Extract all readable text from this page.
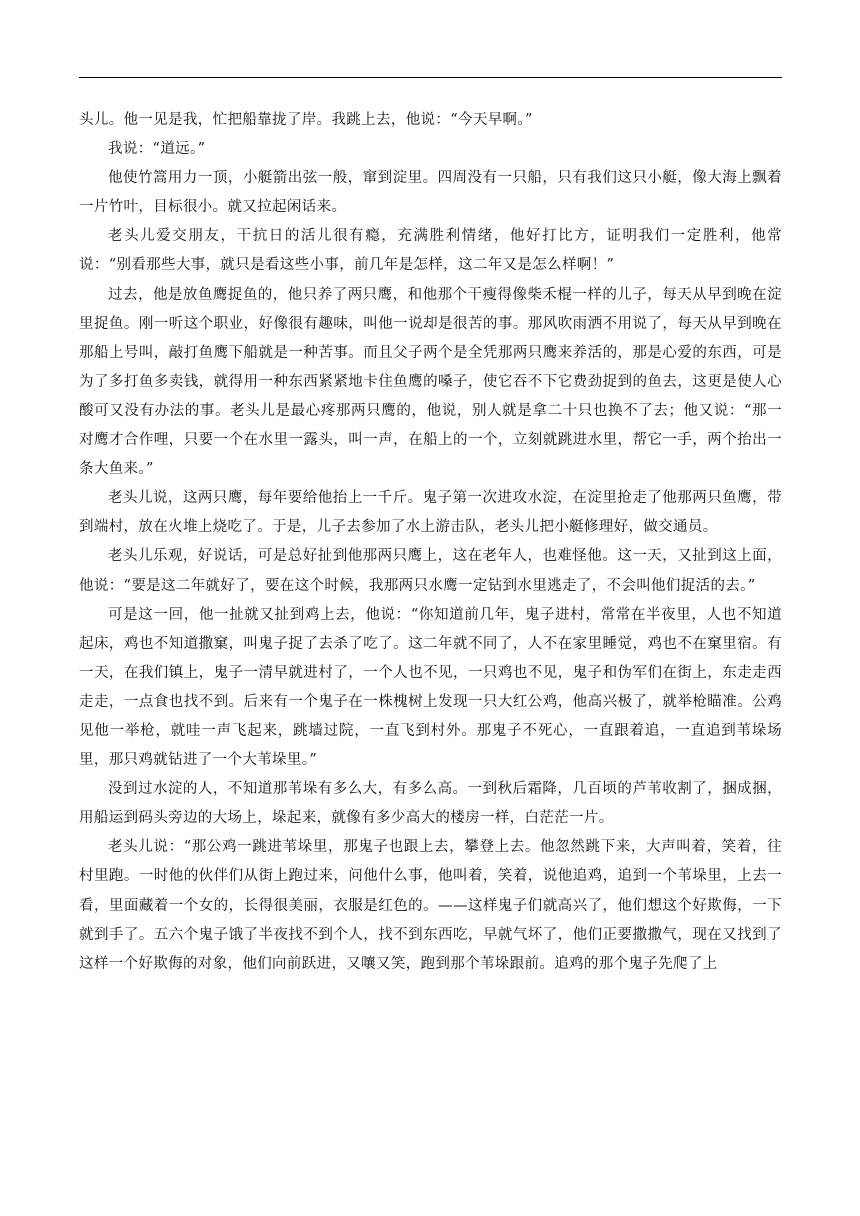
头儿。他一见是我，忙把船靠拢了岸。我跳上去，他说：“今天早啊。”

我说：“道远。”

他使竹篙用力一顶，小艇箭出弦一般，窜到淀里。四周没有一只船，只有我们这只小艇，像大海上飘着一片竹叶，目标很小。就又拉起闲话来。

老头儿爱交朋友，干抗日的活儿很有瘾，充满胜利情绪，他好打比方，证明我们一定胜利，他常说：“别看那些大事，就只是看这些小事，前几年是怎样，这二年又是怎么样啊！”

过去，他是放鱼鹰捉鱼的，他只养了两只鹰，和他那个干瘦得像柴禾棍一样的儿子，每天从早到晚在淀里捉鱼。刚一听这个职业，好像很有趣味，叫他一说却是很苦的事。那风吹雨洒不用说了，每天从早到晚在那船上号叫，敲打鱼鹰下船就是一种苦事。而且父子两个是全凭那两只鹰来养活的，那是心爱的东西，可是为了多打鱼多卖钱，就得用一种东西紧紧地卡住鱼鹰的嗓子，使它吞不下它费劲捉到的鱼去，这更是使人心酸可又没有办法的事。老头儿是最心疼那两只鹰的，他说，别人就是拿二十只也换不了去；他又说：“那一对鹰才合作哩，只要一个在水里一露头，叫一声，在船上的一个，立刻就跳进水里，帮它一手，两个抬出一条大鱼来。”

老头儿说，这两只鹰，每年要给他抬上一千斤。鬼子第一次进攻水淀，在淀里抢走了他那两只鱼鹰，带到端村，放在火堆上烧吃了。于是，儿子去参加了水上游击队，老头儿把小艇修理好，做交通员。

老头儿乐观，好说话，可是总好扯到他那两只鹰上，这在老年人，也难怪他。这一天，又扯到这上面，他说：“要是这二年就好了，要在这个时候，我那两只水鹰一定钻到水里逃走了，不会叫他们捉活的去。”

可是这一回，他一扯就又扯到鸡上去，他说：“你知道前几年，鬼子进村，常常在半夜里，人也不知道起床，鸡也不知道撒窠，叫鬼子捉了去杀了吃了。这二年就不同了，人不在家里睡觉，鸡也不在窠里宿。有一天，在我们镇上，鬼子一清早就进村了，一个人也不见，一只鸡也不见，鬼子和伪军们在街上，东走走西走走，一点食也找不到。后来有一个鬼子在一株槐树上发现一只大红公鸡，他高兴极了，就举枪瞄准。公鸡见他一举枪，就哇一声飞起来，跳墙过院，一直飞到村外。那鬼子不死心，一直跟着追，一直追到苇垛场里，那只鸡就钻进了一个大苇垛里。”

没到过水淀的人，不知道那苇垛有多么大，有多么高。一到秋后霜降，几百顷的芦苇收割了，捆成捆，用船运到码头旁边的大场上，垛起来，就像有多少高大的楼房一样，白茫茫一片。

老头儿说：“那公鸡一跳进苇垛里，那鬼子也跟上去，攀登上去。他忽然跳下来，大声叫着，笑着，往村里跑。一时他的伙伴们从街上跑过来，问他什么事，他叫着，笑着，说他追鸡，追到一个苇垛里，上去一看，里面藏着一个女的，长得很美丽，衣服是红色的。——这样鬼子们就高兴了，他们想这个好欺侮，一下就到手了。五六个鬼子饿了半夜找不到个人，找不到东西吃，早就气坏了，他们正要撒撒气，现在又找到了这样一个好欺侮的对象，他们向前跃进，又嚷又笑，跑到那个苇垛跟前。追鸡的那个鬼子先爬了上
